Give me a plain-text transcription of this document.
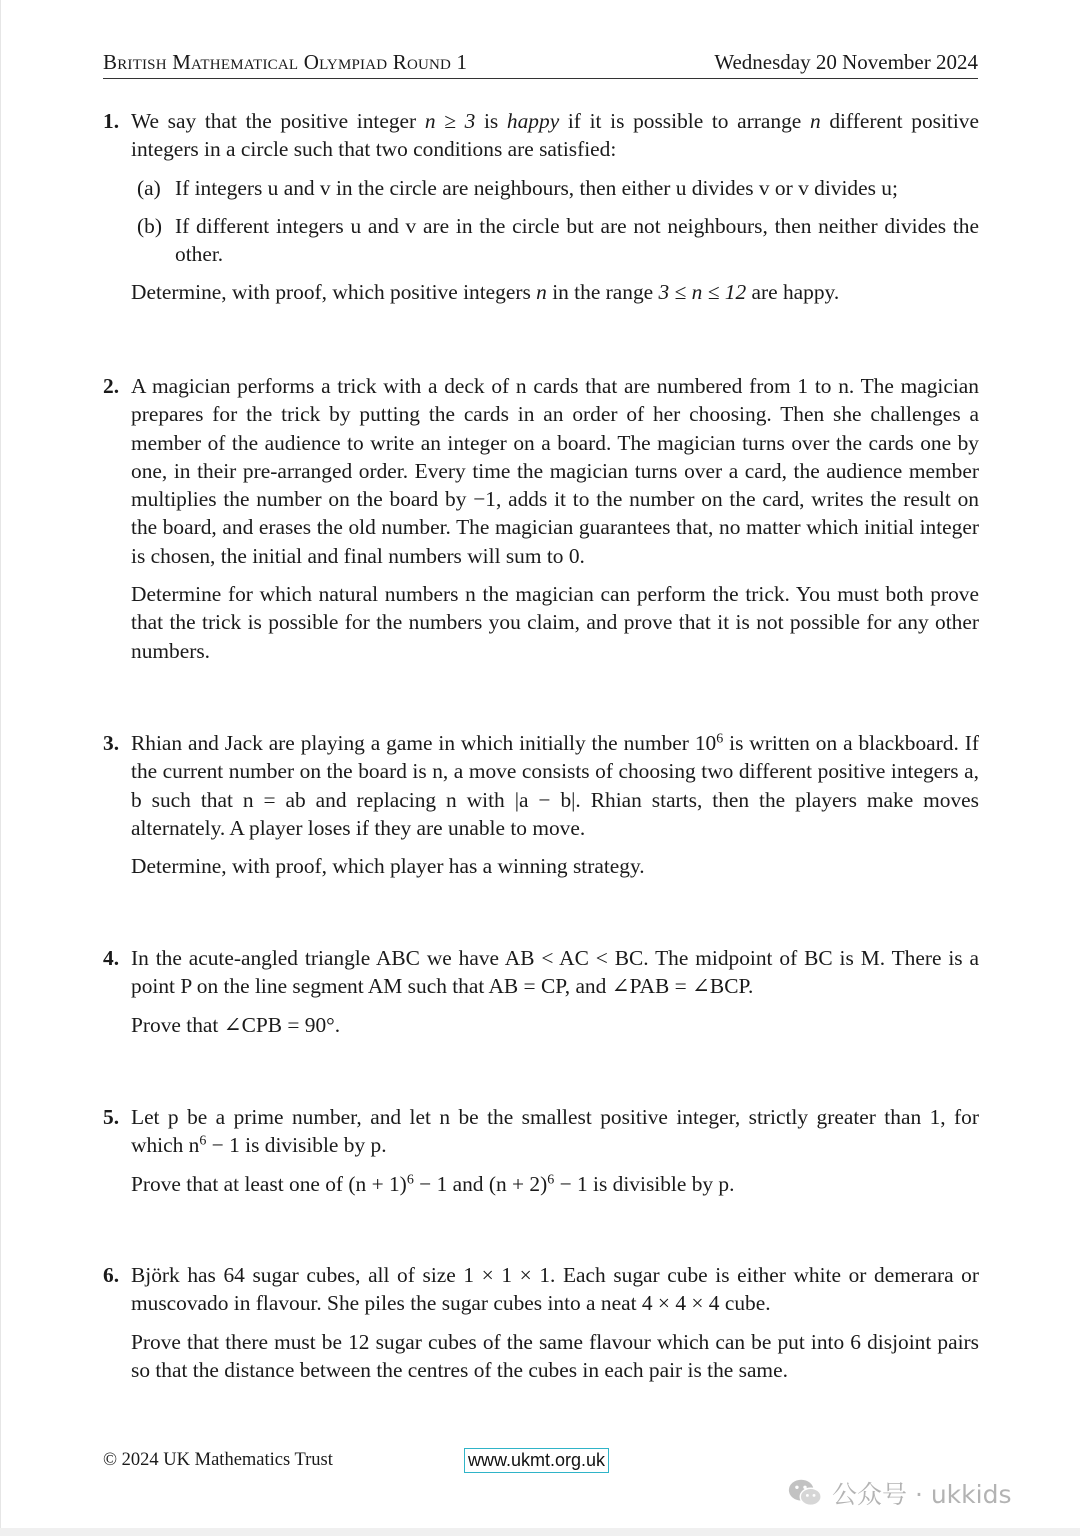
British Mathematical Olympiad Round 1	Wednesday 20 November 2024
1. We say that the positive integer n ≥ 3 is happy if it is possible to arrange n different positive integers in a circle such that two conditions are satisfied:

(a) If integers u and v in the circle are neighbours, then either u divides v or v divides u;
(b) If different integers u and v are in the circle but are not neighbours, then neither divides the other.

Determine, with proof, which positive integers n in the range 3 ≤ n ≤ 12 are happy.

2. A magician performs a trick with a deck of n cards that are numbered from 1 to n. The magician prepares for the trick by putting the cards in an order of her choosing. Then she challenges a member of the audience to write an integer on a board. The magician turns over the cards one by one, in their pre-arranged order. Every time the magician turns over a card, the audience member multiplies the number on the board by −1, adds it to the number on the card, writes the result on the board, and erases the old number. The magician guarantees that, no matter which initial integer is chosen, the initial and final numbers will sum to 0.

Determine for which natural numbers n the magician can perform the trick. You must both prove that the trick is possible for the numbers you claim, and prove that it is not possible for any other numbers.

3. Rhian and Jack are playing a game in which initially the number $10^6$ is written on a blackboard. If the current number on the board is n, a move consists of choosing two different positive integers a, b such that n = ab and replacing n with |a − b|. Rhian starts, then the players make moves alternately. A player loses if they are unable to move.

Determine, with proof, which player has a winning strategy.

4. In the acute-angled triangle ABC we have AB < AC < BC. The midpoint of BC is M. There is a point P on the line segment AM such that AB = CP, and ∠PAB = ∠BCP.

Prove that ∠CPB = 90°.

5. Let p be a prime number, and let n be the smallest positive integer, strictly greater than 1, for which $n^6 - 1$ is divisible by p.

Prove that at least one of $(n + 1)^6 - 1$ and $(n + 2)^6 - 1$ is divisible by p.

6. Björk has 64 sugar cubes, all of size 1 × 1 × 1. Each sugar cube is either white or demerara or muscovado in flavour. She piles the sugar cubes into a neat 4 × 4 × 4 cube.

Prove that there must be 12 sugar cubes of the same flavour which can be put into 6 disjoint pairs so that the distance between the centres of the cubes in each pair is the same.

© 2024 UK Mathematics Trust	www.ukmt.org.uk
公众号 · ukkids
